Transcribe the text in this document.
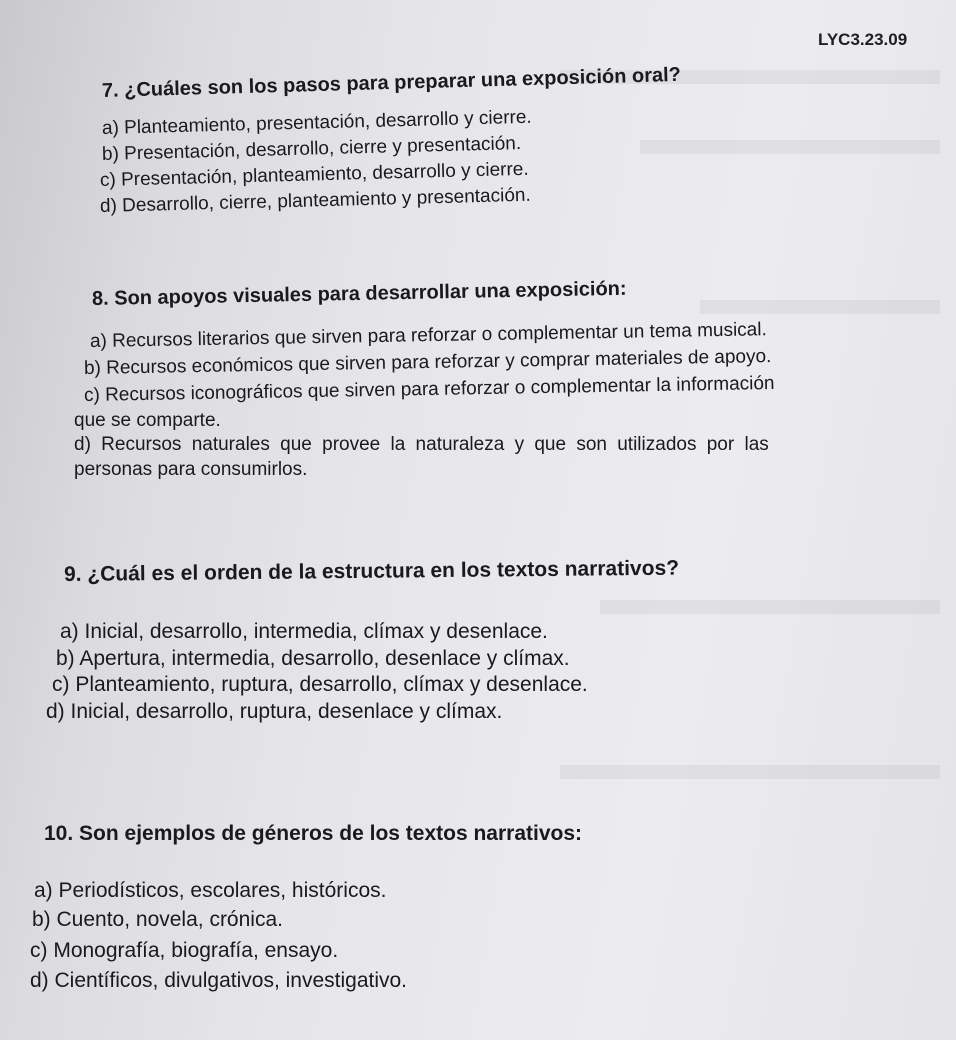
LYC3.23.09
7. ¿Cuáles son los pasos para preparar una exposición oral?
a) Planteamiento, presentación, desarrollo y cierre.
b) Presentación, desarrollo, cierre y presentación.
c) Presentación, planteamiento, desarrollo y cierre.
d) Desarrollo, cierre, planteamiento y presentación.
8. Son apoyos visuales para desarrollar una exposición:
a) Recursos literarios que sirven para reforzar o complementar un tema musical.
b) Recursos económicos que sirven para reforzar y comprar materiales de apoyo.
c) Recursos iconográficos que sirven para reforzar o complementar la información
que se comparte.
d) Recursos naturales que provee la naturaleza y que son utilizados por las
personas para consumirlos.
9. ¿Cuál es el orden de la estructura en los textos narrativos?
a) Inicial, desarrollo, intermedia, clímax y desenlace.
b) Apertura, intermedia, desarrollo, desenlace y clímax.
c) Planteamiento, ruptura, desarrollo, clímax y desenlace.
d) Inicial, desarrollo, ruptura, desenlace y clímax.
10. Son ejemplos de géneros de los textos narrativos:
a) Periodísticos, escolares, históricos.
b) Cuento, novela, crónica.
c) Monografía, biografía, ensayo.
d) Científicos, divulgativos, investigativo.
